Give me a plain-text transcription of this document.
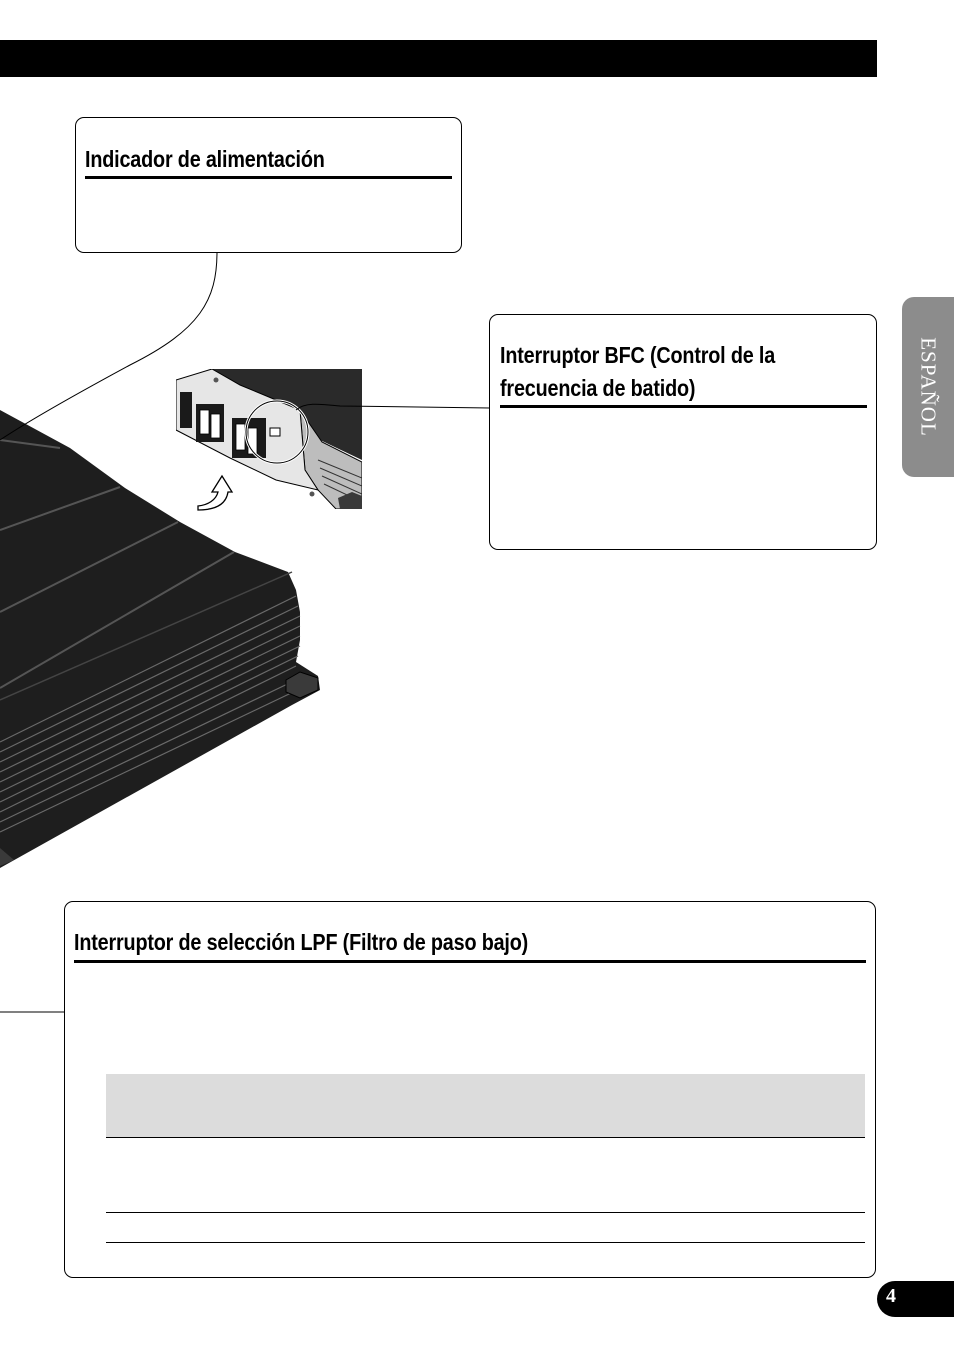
Indicador de alimentación
Interruptor BFC (Control de la
frecuencia de batido)
Interruptor de selección LPF (Filtro de paso bajo)
ESPAÑOL
4
